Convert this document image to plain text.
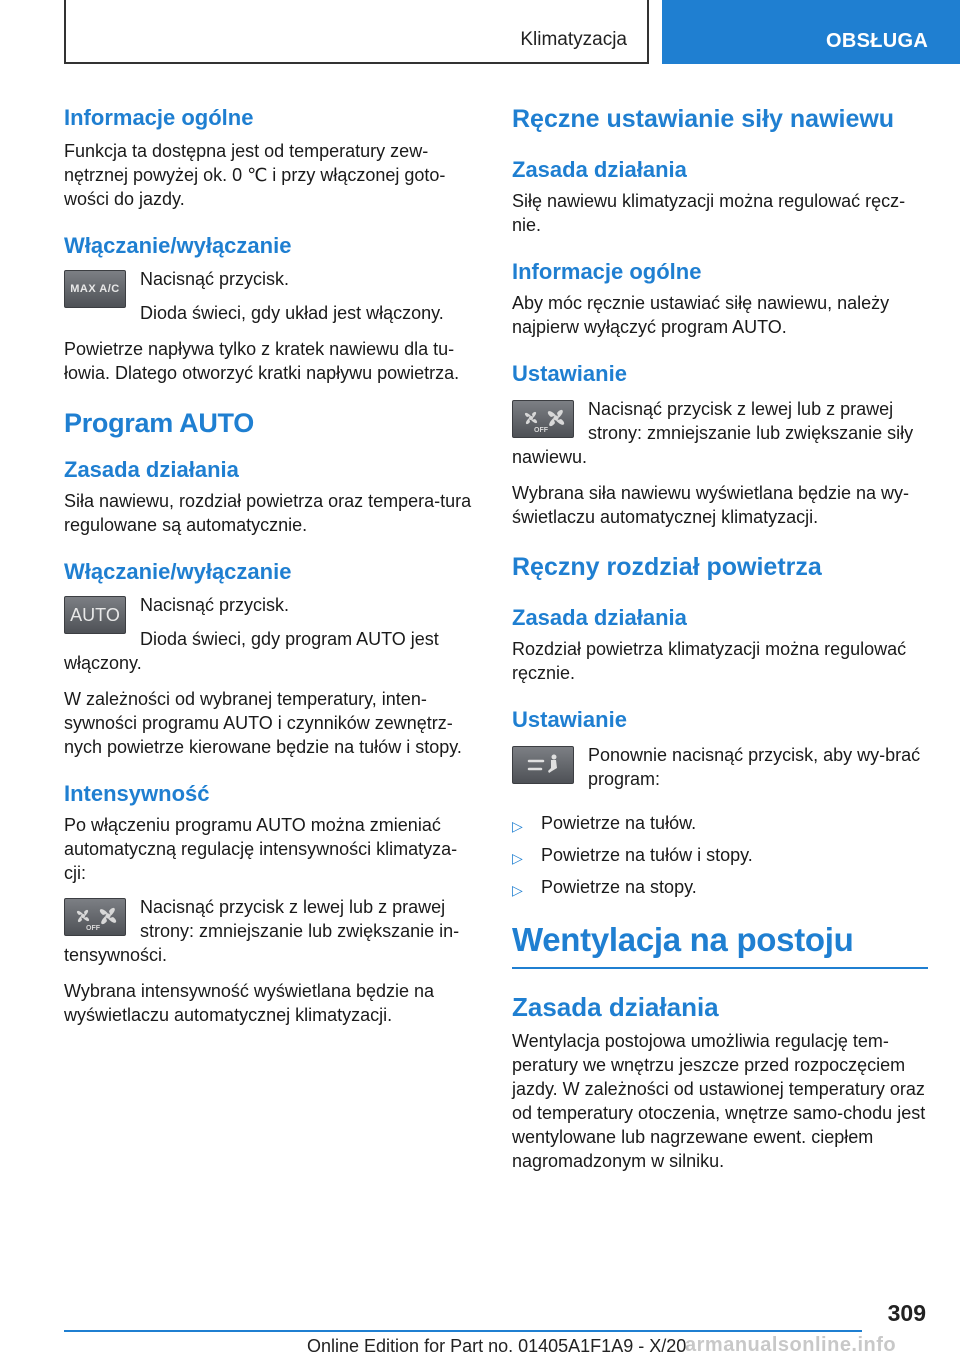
Klimatyzacja	OBSŁUGA
Informacje ogólne

Funkcja ta dostępna jest od temperatury zew-nętrznej powyżej ok. 0 ℃ i przy włączonej goto-wości do jazdy.

Włączanie/wyłączanie
MAX A/C	Nacisnąć przycisk.

Dioda świeci, gdy układ jest włączony.

Powietrze napływa tylko z kratek nawiewu dla tu-łowia. Dlatego otworzyć kratki napływu powietrza.

Program AUTO
Zasada działania

Siła nawiewu, rozdział powietrza oraz tempera-tura regulowane są automatycznie.

Włączanie/wyłączanie
AUTO	Nacisnąć przycisk.

Dioda świeci, gdy program AUTO jest włączony.

W zależności od wybranej temperatury, inten-sywności programu AUTO i czynników zewnętrz-nych powietrze kierowane będzie na tułów i stopy.

Intensywność

Po włączeniu programu AUTO można zmieniać automatyczną regulację intensywności klimatyza-cji:

OFF

Nacisnąć przycisk z lewej lub z prawej strony: zmniejszanie lub zwiększanie in-tensywności.

Wybrana intensywność wyświetlana będzie na wyświetlaczu automatycznej klimatyzacji.

Ręczne ustawianie siły nawiewu
Zasada działania

Siłę nawiewu klimatyzacji można regulować ręcz-nie.

Informacje ogólne

Aby móc ręcznie ustawiać siłę nawiewu, należy najpierw wyłączyć program AUTO.

Ustawianie
OFF

Nacisnąć przycisk z lewej lub z prawej strony: zmniejszanie lub zwiększanie siły nawiewu.

Wybrana siła nawiewu wyświetlana będzie na wy-świetlaczu automatycznej klimatyzacji.

Ręczny rozdział powietrza
Zasada działania

Rozdział powietrza klimatyzacji można regulować ręcznie.

Ustawianie

Ponownie nacisnąć przycisk, aby wy-brać program:

▷ Powietrze na tułów.
▷ Powietrze na tułów i stopy.
▷ Powietrze na stopy.
Wentylacja na postoju
Zasada działania

Wentylacja postojowa umożliwia regulację tem-peratury we wnętrzu jeszcze przed rozpoczęciem jazdy. W zależności od ustawionej temperatury oraz od temperatury otoczenia, wnętrze samo-chodu jest wentylowane lub nagrzewane ewent. ciepłem nagromadzonym w silniku.

309
Online Edition for Part no. 01405A1F1A9 - X/20
armanualsonline.info
